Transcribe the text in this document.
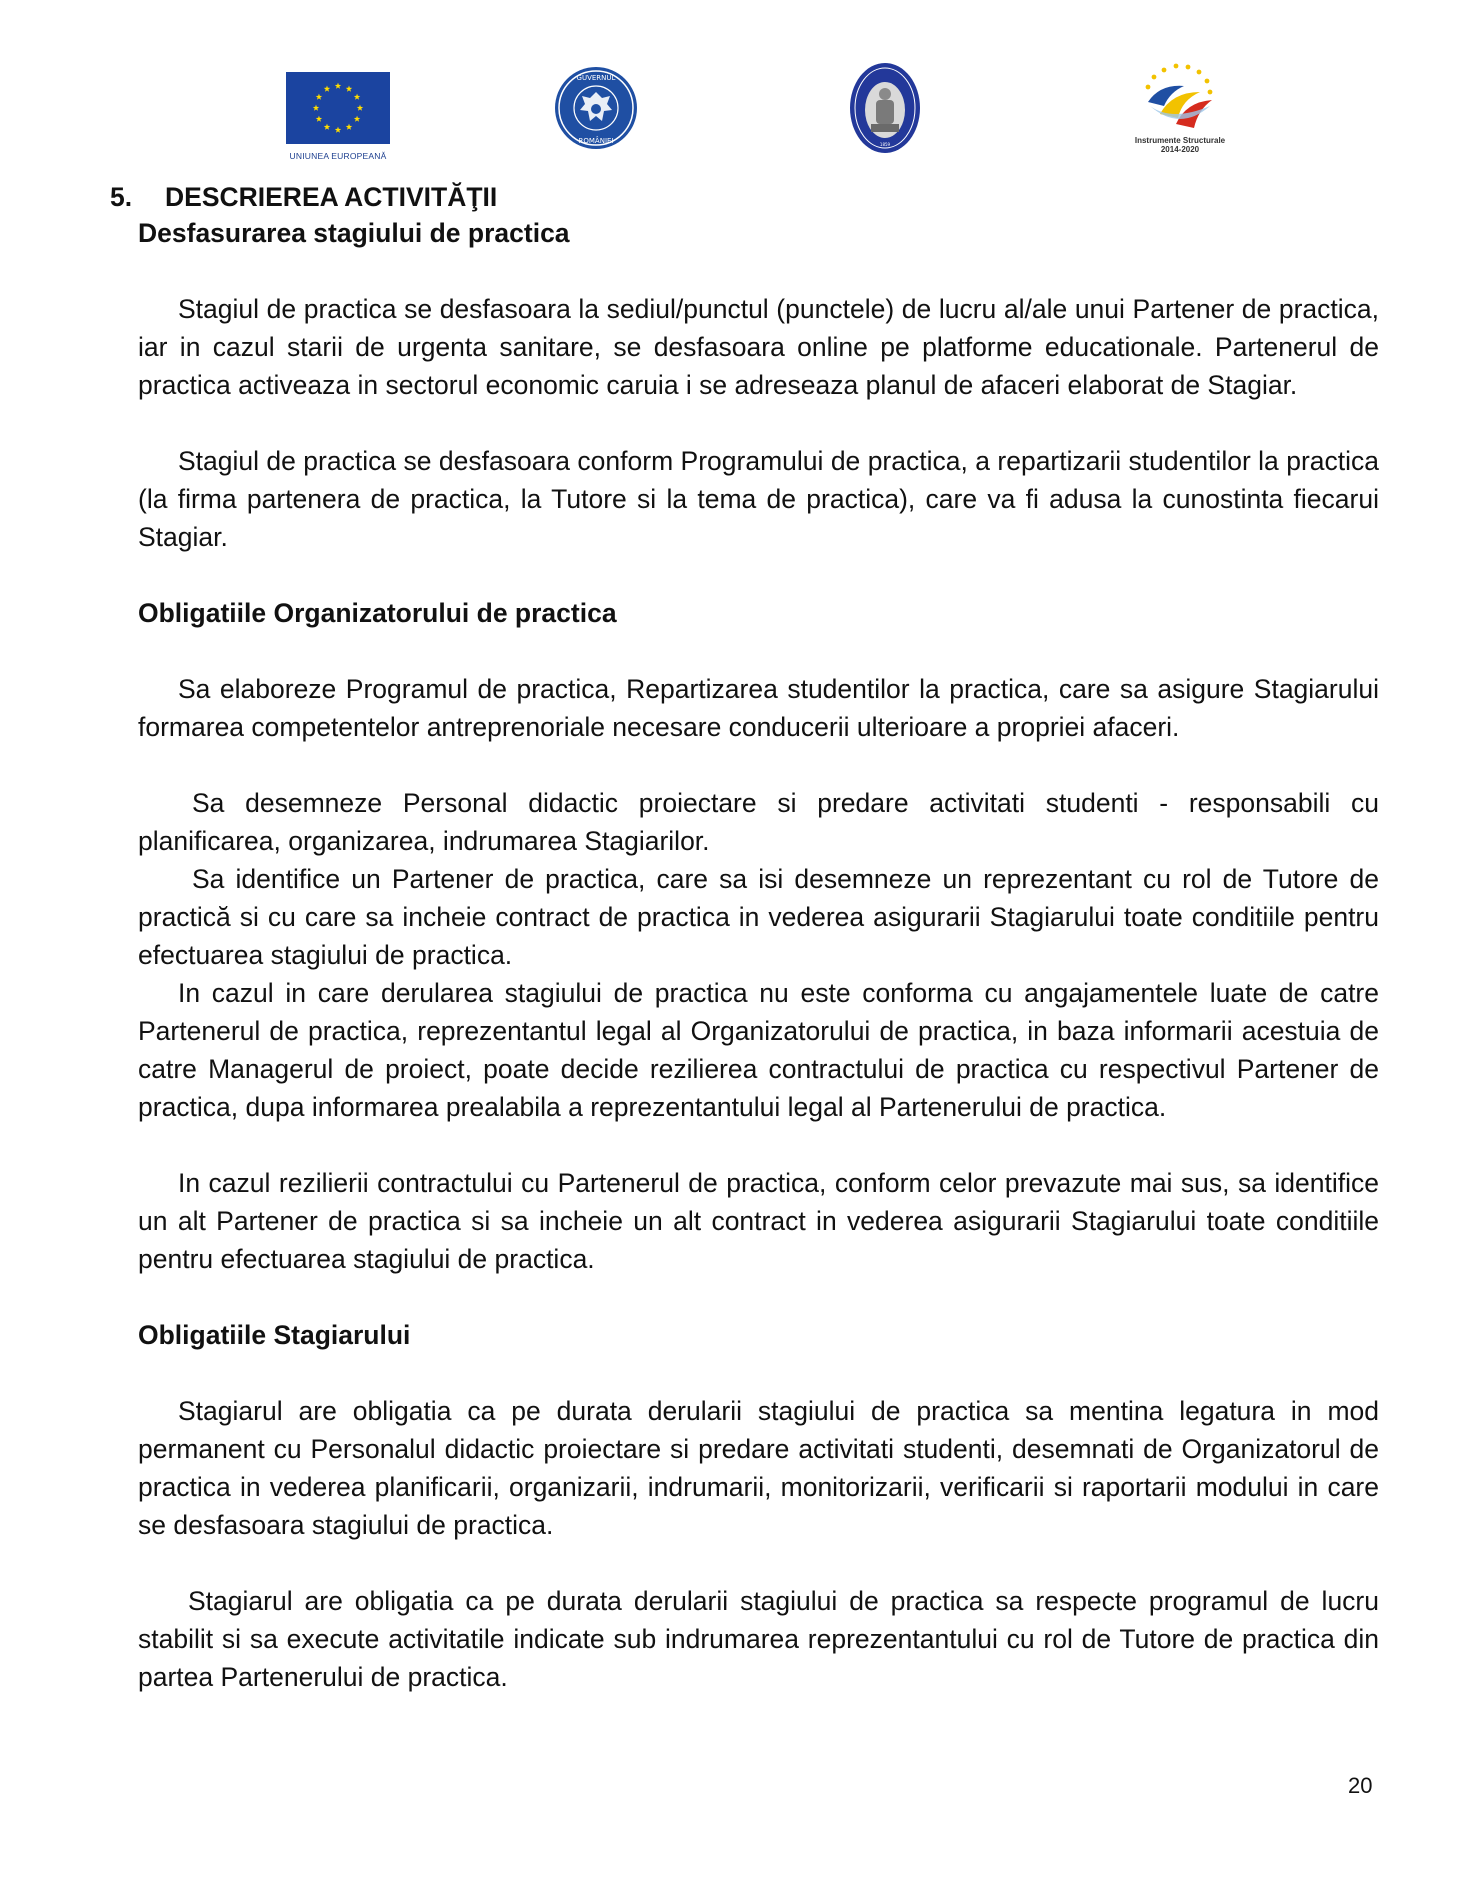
UNIUNEA EUROPEANĂ
GUVERNUL
ROMÂNIEI	1859	Instrumente Structurale
2014-2020
5. DESCRIEREA ACTIVITĂŢII
Desfasurarea stagiului de practica

Stagiul de practica se desfasoara la sediul/punctul (punctele) de lucru al/ale unui Partener de practica, iar in cazul starii de urgenta sanitare, se desfasoara online pe platforme educationale. Partenerul de practica activeaza in sectorul economic caruia i se adreseaza planul de afaceri elaborat de Stagiar.

Stagiul de practica se desfasoara conform Programului de practica, a repartizarii studentilor la practica (la firma partenera de practica, la Tutore si la tema de practica), care va fi adusa la cunostinta fiecarui Stagiar.

Obligatiile Organizatorului de practica

Sa elaboreze Programul de practica, Repartizarea studentilor la practica, care sa asigure Stagiarului formarea competentelor antreprenoriale necesare conducerii ulterioare a propriei afaceri.

Sa desemneze Personal didactic proiectare si predare activitati studenti - responsabili cu planificarea, organizarea, indrumarea Stagiarilor.

Sa identifice un Partener de practica, care sa isi desemneze un reprezentant cu rol de Tutore de practică si cu care sa incheie contract de practica in vederea asigurarii Stagiarului toate conditiile pentru efectuarea stagiului de practica.

In cazul in care derularea stagiului de practica nu este conforma cu angajamentele luate de catre Partenerul de practica, reprezentantul legal al Organizatorului de practica, in baza informarii acestuia de catre Managerul de proiect, poate decide rezilierea contractului de practica cu respectivul Partener de practica, dupa informarea prealabila a reprezentantului legal al Partenerului de practica.

In cazul rezilierii contractului cu Partenerul de practica, conform celor prevazute mai sus, sa identifice un alt Partener de practica si sa incheie un alt contract in vederea asigurarii Stagiarului toate conditiile pentru efectuarea stagiului de practica.

Obligatiile Stagiarului

Stagiarul are obligatia ca pe durata derularii stagiului de practica sa mentina legatura in mod permanent cu Personalul didactic proiectare si predare activitati studenti, desemnati de Organizatorul de practica in vederea planificarii, organizarii, indrumarii, monitorizarii, verificarii si raportarii modului in care se desfasoara stagiului de practica.

Stagiarul are obligatia ca pe durata derularii stagiului de practica sa respecte programul de lucru stabilit si sa execute activitatile indicate sub indrumarea reprezentantului cu rol de Tutore de practica din partea Partenerului de practica.

20
